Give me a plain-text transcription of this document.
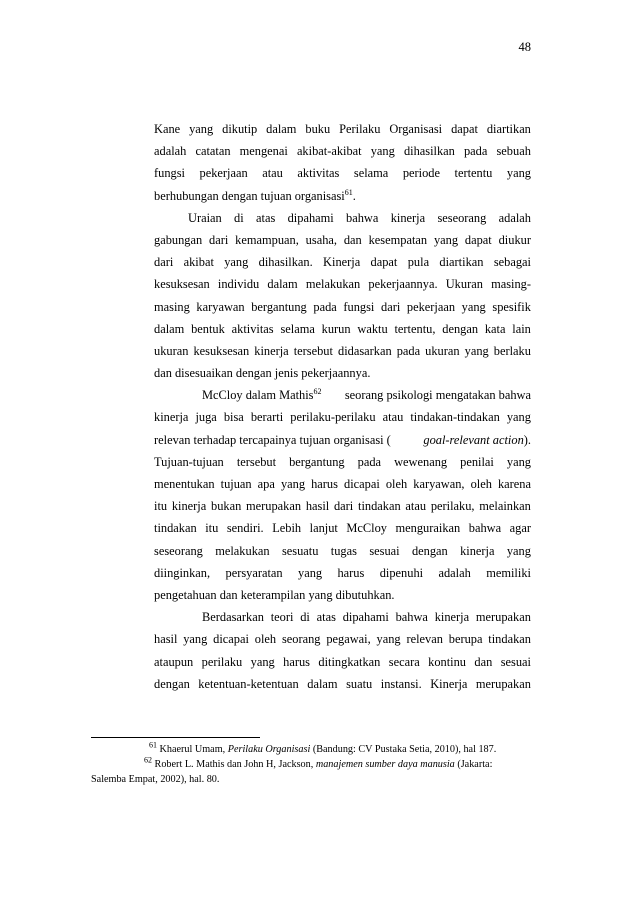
48
Kane yang dikutip dalam buku Perilaku Organisasi dapat diartikan
adalah catatan mengenai akibat-akibat yang dihasilkan pada sebuah
fungsi pekerjaan atau aktivitas selama periode tertentu yang
berhubungan dengan tujuan organisasi$^{61}$.
Uraian di atas dipahami bahwa kinerja seseorang adalah
gabungan dari kemampuan, usaha, dan kesempatan yang dapat diukur
dari akibat yang dihasilkan. Kinerja dapat pula diartikan sebagai
kesuksesan individu dalam melakukan pekerjaannya. Ukuran masing-
masing karyawan bergantung pada fungsi dari pekerjaan yang spesifik
dalam bentuk aktivitas selama kurun waktu tertentu, dengan kata lain
ukuran kesuksesan kinerja tersebut didasarkan pada ukuran yang berlaku
dan disesuaikan dengan jenis pekerjaannya.
McCloy dalam Mathis$^{62}$ seorang psikologi mengatakan bahwa
kinerja juga bisa berarti perilaku-perilaku atau tindakan-tindakan yang
relevan terhadap tercapainya tujuan organisasi (	goal-relevant action).
Tujuan-tujuan tersebut bergantung pada wewenang penilai yang
menentukan tujuan apa yang harus dicapai oleh karyawan, oleh karena
itu kinerja bukan merupakan hasil dari tindakan atau perilaku, melainkan
tindakan itu sendiri. Lebih lanjut McCloy menguraikan bahwa agar
seseorang melakukan sesuatu tugas sesuai dengan kinerja yang
diinginkan, persyaratan yang harus dipenuhi adalah memiliki
pengetahuan dan keterampilan yang dibutuhkan.
Berdasarkan teori di atas dipahami bahwa kinerja merupakan
hasil yang dicapai oleh seorang pegawai, yang relevan berupa tindakan
ataupun perilaku yang harus ditingkatkan secara kontinu dan sesuai
dengan ketentuan-ketentuan dalam suatu instansi. Kinerja merupakan
$^{61}$ Khaerul Umam, Perilaku Organisasi (Bandung: CV Pustaka Setia, 2010), hal 187.
$^{62}$ Robert L. Mathis dan John H, Jackson, manajemen sumber daya manusia (Jakarta:
Salemba Empat, 2002), hal. 80.
